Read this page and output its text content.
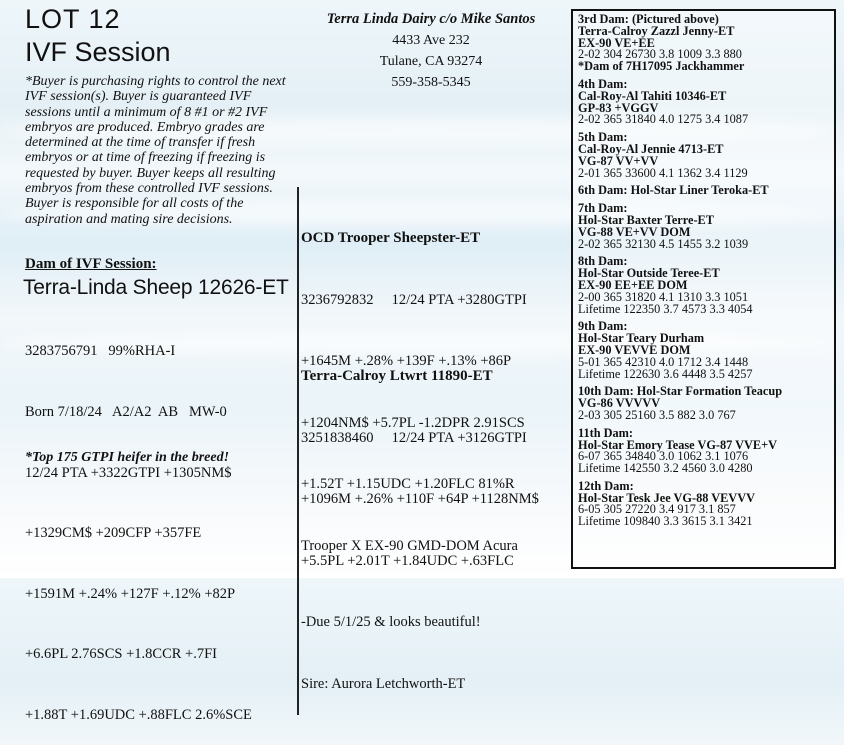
LOT 12
IVF Session
*Buyer is purchasing rights to control the next IVF session(s). Buyer is guaranteed IVF sessions until a minimum of 8 #1 or #2 IVF embryos are produced. Embryo grades are determined at the time of transfer if fresh embryos or at time of freezing if freezing is requested by buyer. Buyer keeps all resulting embryos from these controlled IVF sessions. Buyer is responsible for all costs of the aspiration and mating sire decisions.
Dam of IVF Session:
Terra-Linda Sheep 12626-ET

3283756791   99%RHA-I

Born 7/18/24   A2/A2  AB   MW-0

12/24 PTA +3322GTPI +1305NM$

+1329CM$ +209CFP +357FE

+1591M +.24% +127F +.12% +82P

+6.6PL 2.76SCS +1.8CCR +.7FI

+1.88T +1.69UDC +.88FLC 2.6%SCE

*Top 175 GTPI heifer in the breed!
Terra Linda Dairy c/o Mike Santos
4433 Ave 232
Tulane, CA 93274
559-358-5345

OCD Trooper Sheepster-ET

3236792832     12/24 PTA +3280GTPI

+1645M +.28% +139F +.13% +86P

+1204NM$ +5.7PL -1.2DPR 2.91SCS

+1.52T +1.15UDC +1.20FLC 81%R

Trooper X EX-90 GMD-DOM Acura

Terra-Calroy Ltwrt 11890-ET

3251838460     12/24 PTA +3126GTPI

+1096M +.26% +110F +64P +1128NM$

+5.5PL +2.01T +1.84UDC +.63FLC

-Due 5/1/25 & looks beautiful!

Sire: Aurora Letchworth-ET

3rd Dam: (Pictured above)
Terra-Calroy Zazzl Jenny-ET
EX-90 VE+EE
2-02 304 26730 3.8 1009 3.3 880
*Dam of 7H17095 Jackhammer
4th Dam:
Cal-Roy-Al Tahiti 10346-ET
GP-83 +VGGV
2-02 365 31840 4.0 1275 3.4 1087
5th Dam:
Cal-Roy-Al Jennie 4713-ET
VG-87 VV+VV
2-01 365 33600 4.1 1362 3.4 1129
6th Dam: Hol-Star Liner Teroka-ET
7th Dam:
Hol-Star Baxter Terre-ET
VG-88 VE+VV DOM
2-02 365 32130 4.5 1455 3.2 1039
8th Dam:
Hol-Star Outside Teree-ET
EX-90 EE+EE DOM
2-00 365 31820 4.1 1310 3.3 1051
Lifetime 122350 3.7 4573 3.3 4054
9th Dam:
Hol-Star Teary Durham
EX-90 VEVVE DOM
5-01 365 42310 4.0 1712 3.4 1448
Lifetime 122630 3.6 4448 3.5 4257
10th Dam: Hol-Star Formation Teacup
VG-86 VVVVV
2-03 305 25160 3.5 882 3.0 767
11th Dam:
Hol-Star Emory Tease VG-87 VVE+V
6-07 365 34840 3.0 1062 3.1 1076
Lifetime 142550 3.2 4560 3.0 4280
12th Dam:
Hol-Star Tesk Jee VG-88 VEVVV
6-05 305 27220 3.4 917 3.1 857
Lifetime 109840 3.3 3615 3.1 3421
